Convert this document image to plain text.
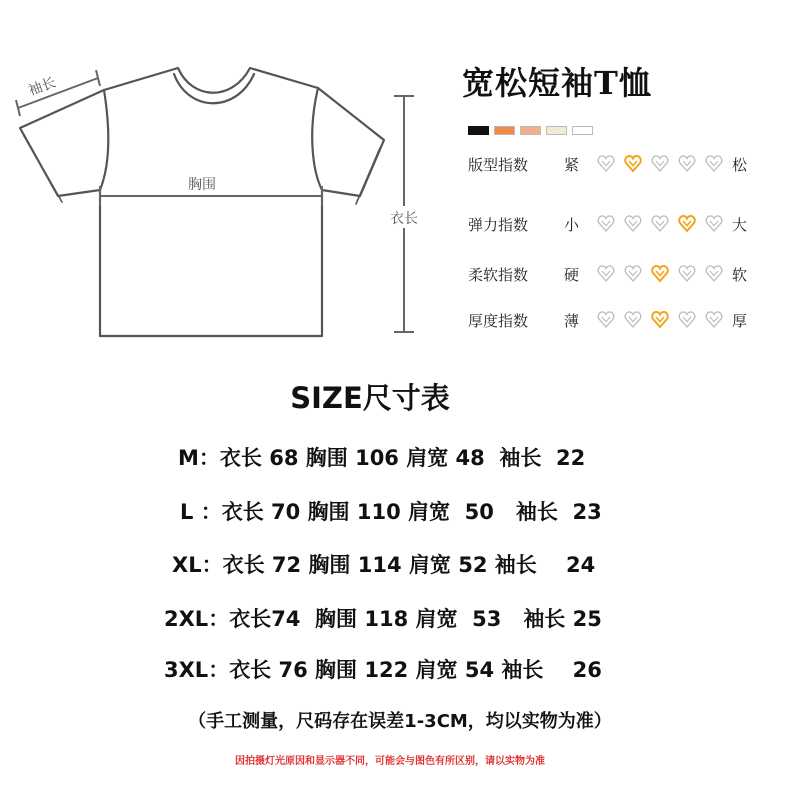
袖长
胸围
衣长
宽松短袖T恤
版型指数 紧	松
弹力指数 小	大
柔软指数 硬	软
厚度指数 薄	厚
SIZE尺寸表
M：衣长 68 胸围 106 肩宽 48 袖长 22
L ：衣长 70 胸围 110 肩宽 50 袖长 23
XL：衣长 72 胸围 114 肩宽 52 袖长 24
2XL：衣长74 胸围 118 肩宽 53 袖长 25
3XL：衣长 76 胸围 122 肩宽 54 袖长 26
（手工测量，尺码存在误差1-3CM，均以实物为准）
因拍摄灯光原因和显示器不同，可能会与图色有所区别，请以实物为准
